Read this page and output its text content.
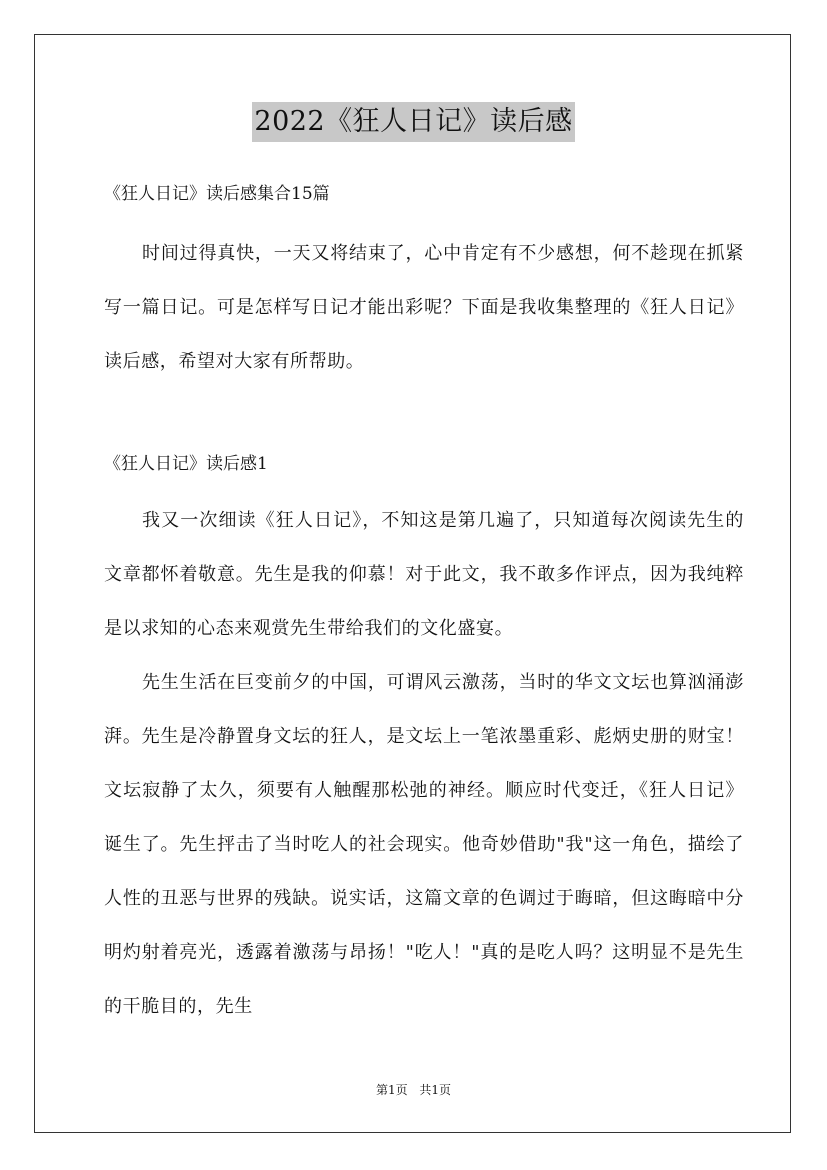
2022《狂人日记》读后感
《狂人日记》读后感集合15篇

时间过得真快，一天又将结束了，心中肯定有不少感想，何不趁现在抓紧写一篇日记。可是怎样写日记才能出彩呢？下面是我收集整理的《狂人日记》读后感，希望对大家有所帮助。

《狂人日记》读后感1

我又一次细读《狂人日记》，不知这是第几遍了，只知道每次阅读先生的文章都怀着敬意。先生是我的仰慕！对于此文，我不敢多作评点，因为我纯粹是以求知的心态来观赏先生带给我们的文化盛宴。

先生生活在巨变前夕的中国，可谓风云激荡，当时的华文文坛也算汹涌澎湃。先生是冷静置身文坛的狂人，是文坛上一笔浓墨重彩、彪炳史册的财宝！文坛寂静了太久，须要有人触醒那松弛的神经。顺应时代变迁，《狂人日记》诞生了。先生抨击了当时吃人的社会现实。他奇妙借助"我"这一角色，描绘了人性的丑恶与世界的残缺。说实话，这篇文章的色调过于晦暗，但这晦暗中分明灼射着亮光，透露着激荡与昂扬！"吃人！"真的是吃人吗？这明显不是先生的干脆目的，先生

第1页 共1页
